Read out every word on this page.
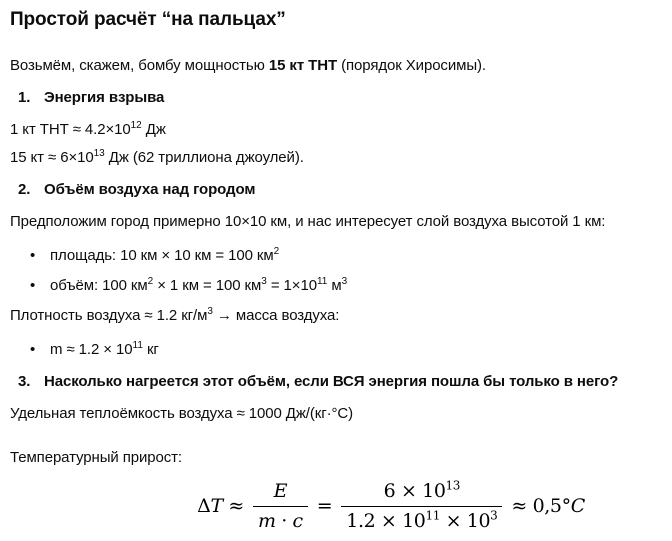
Простой расчёт “на пальцах”

Возьмём, скажем, бомбу мощностью 15 кт ТНТ (порядок Хиросимы).

1. Энергия взрыва

1 кт ТНТ ≈ $4.2\times 10^{12}$ Дж

15 кт ≈ $6\times 10^{13}$ Дж (62 триллиона джоулей).

2. Объём воздуха над городом

Предположим город примерно 10×10 км, и нас интересует слой воздуха высотой 1 км:

• площадь: 10 км × 10 км = 100 $км^2$
• объём: 100 $км^2 \times 1$ км = 100 $км^3 = 1\times 10^{11}$ $м^3$

Плотность воздуха ≈ 1.2 $кг/м^3$ → масса воздуха:

• $m \approx 1.2 \times 10^{11}$ кг
3. Насколько нагреется этот объём, если ВСЯ энергия пошла бы только в него?

Удельная теплоёмкость воздуха ≈ 1000 Дж/(кг·°С)

Температурный прирост:

$\Delta T \approx \frac{E}{m \cdot c} = \frac{6 \times 10^{13}}{1.2 \times 10^{11} \times 10^3} \approx 0,5^\circ C$
